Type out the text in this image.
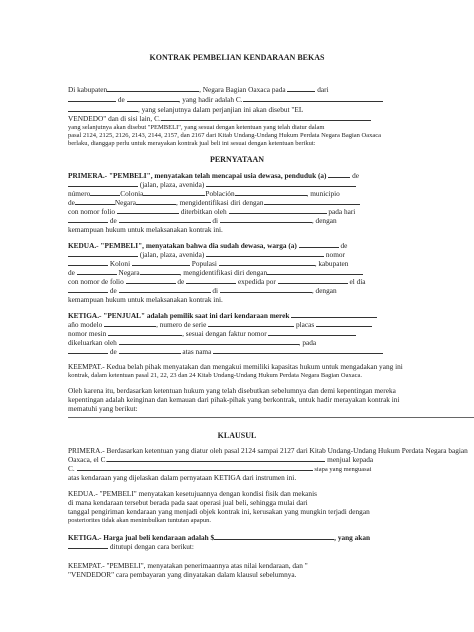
KONTRAK PEMBELIAN KENDARAAN BEKAS
Di kabupaten	, Negara Bagian Oaxaca pada	dari
de	, yang hadir adalah C.
, yang selanjutnya dalam perjanjian ini akan disebut "EL
VENDEDO" dan di sisi lain, C.
yang selanjutnya akan disebut "PEMBELI", yang sesuai dengan ketentuan yang telah diatur dalam
pasal 2124, 2125, 2126, 2143, 2144, 2157, dan 2167 dari Kitab Undang-Undang Hukum Perdata Negara Bagian Oaxaca
berlaku, dianggap perlu untuk merayakan kontrak jual beli ini sesuai dengan ketentuan berikut:
PERNYATAAN
PRIMERA.- "PEMBELI", menyatakan telah mencapai usia dewasa, penduduk (a)	de
(jalan, plaza, avenida)
número	Colonia	Población	, municipio
de	Negara	, mengidentifikasi diri dengan
con nomor folio	diterbitkan oleh	pada hari
de	di	, dengan
kemampuan hukum untuk melaksanakan kontrak ini.
KEDUA.- "PEMBELI", menyatakan bahwa dia sudah dewasa, warga (a)	de
(jalan, plaza, avenida)	nomor
Koloni	Populasi	, kabupaten
de	Negara	, mengidentifikasi diri dengan
con nomor de folio	de	expedida por	el día
de	di	, dengan
kemampuan hukum untuk melaksanakan kontrak ini.
KETIGA.- "PENJUAL" adalah pemilik saat ini dari kendaraan merek
año modelo	, numero de serie	placas
nomor mesin	, sesuai dengan faktur nomor
dikeluarkan oleh	, pada
de	atas nama
KEEMPAT.- Kedua belah pihak menyatakan dan mengakui memiliki kapasitas hukum untuk mengadakan yang ini
kontrak, dalam ketentuan pasal 21, 22, 23 dan 24 Kitab Undang-Undang Hukum Perdata Negara Bagian Oaxaca.
Oleh karena itu, berdasarkan ketentuan hukum yang telah disebutkan sebelumnya dan demi kepentingan mereka
kepentingan adalah keinginan dan kemauan dari pihak-pihak yang berkontrak, untuk hadir merayakan kontrak ini
mematuhi yang berikut:
KLAUSUL
PRIMERA.- Berdasarkan ketentuan yang diatur oleh pasal 2124 sampai 2127 dari Kitab Undang-Undang Hukum Perdata Negara bagian
Oaxaca, el C.	menjual kepada
C.	siapa yang menguasai
atas kendaraan yang dijelaskan dalam pernyataan KETIGA dari instrumen ini.
KEDUA.- "PEMBELI" menyatakan kesetujuannya dengan kondisi fisik dan mekanis
di mana kendaraan tersebut berada pada saat operasi jual beli, sehingga mulai dari
tanggal pengiriman kendaraan yang menjadi objek kontrak ini, kerusakan yang mungkin terjadi dengan
posteriorites tidak akan menimbulkan tuntutan apapun.
KETIGA.- Harga jual beli kendaraan adalah $	, yang akan
ditutupi dengan cara berikut:
KEEMPAT.- "PEMBELI", menyatakan penerimaannya atas nilai kendaraan, dan "
"VENDEDOR" cara pembayaran yang dinyatakan dalam klausul sebelumnya.
